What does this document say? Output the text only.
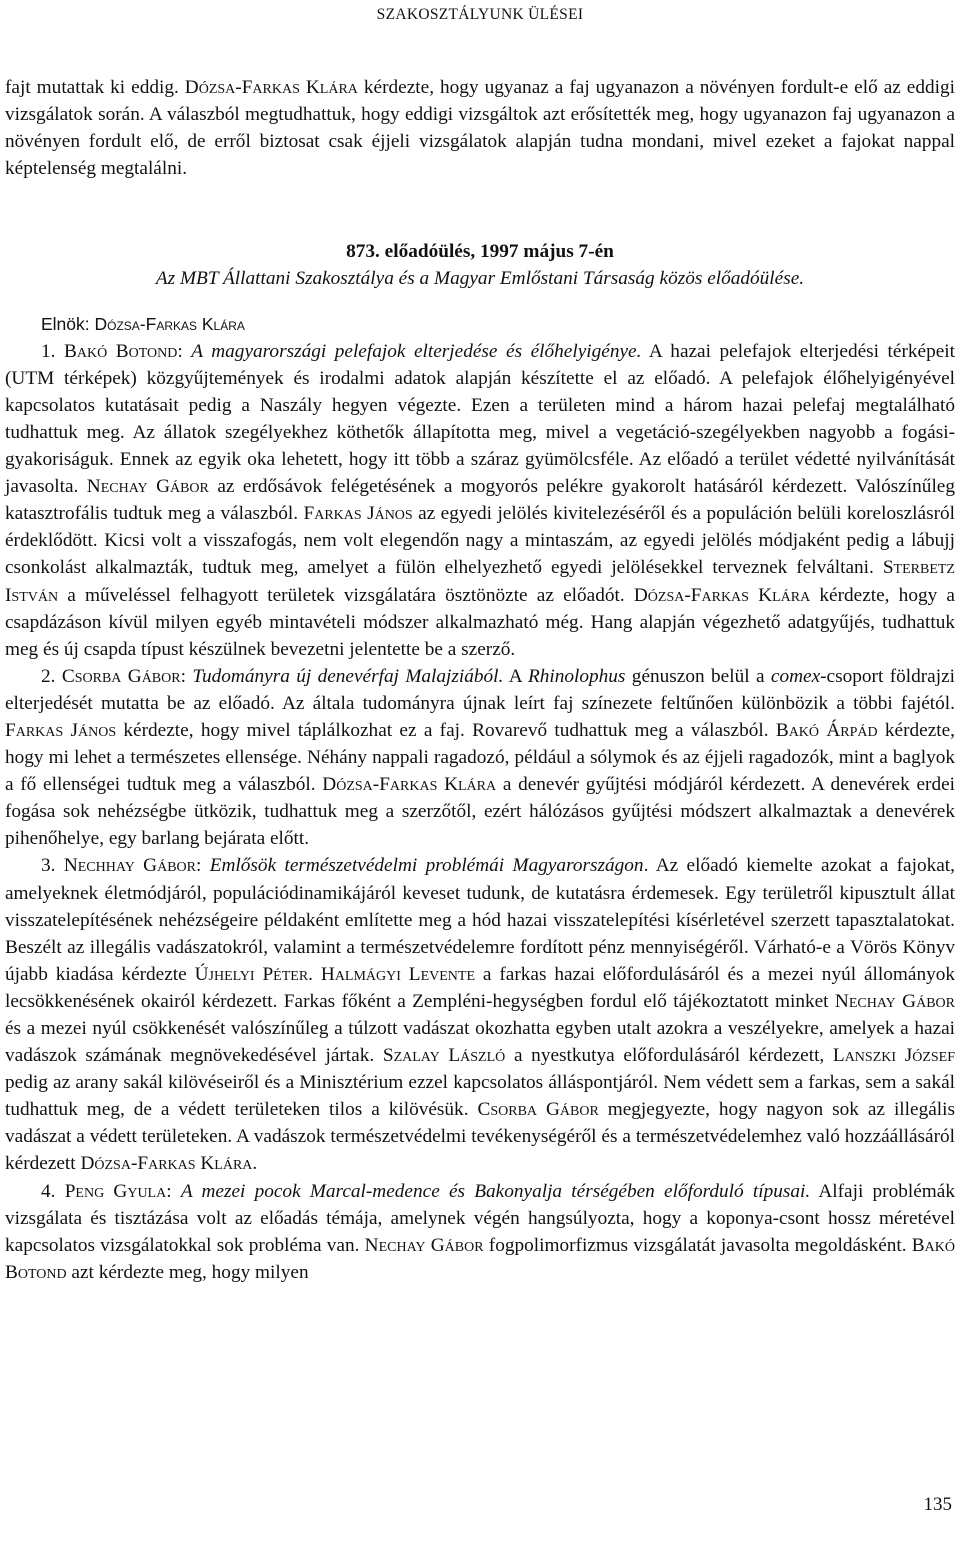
SZAKOSZTÁLYUNK ÜLÉSEI

fajt mutattak ki eddig. Dózsa-Farkas Klára kérdezte, hogy ugyanaz a faj ugyanazon a növényen fordult-e elő az eddigi vizsgálatok során. A válaszból megtudhattuk, hogy eddigi vizsgáltok azt erősítették meg, hogy ugyanazon faj ugyanazon a növényen fordult elő, de erről biztosat csak éjjeli vizsgálatok alapján tudna mondani, mivel ezeket a fajokat nappal képtelenség megtalálni.

873. előadóülés, 1997 május 7-én

Az MBT Állattani Szakosztálya és a Magyar Emlőstani Társaság közös előadóülése.

Elnök: Dózsa-Farkas Klára

1. Bakó Botond: A magyarországi pelefajok elterjedése és élőhelyigénye. A hazai pelefajok elterjedési térképeit (UTM térképek) közgyűjtemények és irodalmi adatok alapján készítette el az előadó. A pelefajok élőhelyigényével kapcsolatos kutatásait pedig a Naszály hegyen végezte. Ezen a területen mind a három hazai pelefaj megtalálható tudhattuk meg. Az állatok szegélyekhez köthetők állapította meg, mivel a vegetáció-szegélyekben nagyobb a fogási-gyakoriságuk. Ennek az egyik oka lehetett, hogy itt több a száraz gyümölcsféle. Az előadó a terület védetté nyilvánítását javasolta. Nechay Gábor az erdősávok felégetésének a mogyorós pelékre gyakorolt hatásáról kérdezett. Valószínűleg katasztrofális tudtuk meg a válaszból. Farkas János az egyedi jelölés kivitelezéséről és a populáción belüli koreloszlásról érdeklődött. Kicsi volt a visszafogás, nem volt elegendőn nagy a mintaszám, az egyedi jelölés módjaként pedig a lábujj csonkolást alkalmazták, tudtuk meg, amelyet a fülön elhelyezhető egyedi jelölésekkel terveznek felváltani. Sterbetz István a műveléssel felhagyott területek vizsgálatára ösztönözte az előadót. Dózsa-Farkas Klára kérdezte, hogy a csapdázáson kívül milyen egyéb mintavételi módszer alkalmazható még. Hang alapján végezhető adatgyűjés, tudhattuk meg és új csapda típust készülnek bevezetni jelentette be a szerző.

2. Csorba Gábor: Tudományra új denevérfaj Malajziából. A Rhinolophus génuszon belül a comex-csoport földrajzi elterjedését mutatta be az előadó. Az általa tudományra újnak leírt faj színezete feltűnően különbözik a többi fajétól. Farkas János kérdezte, hogy mivel táplálkozhat ez a faj. Rovarevő tudhattuk meg a válaszból. Bakó Árpád kérdezte, hogy mi lehet a természetes ellensége. Néhány nappali ragadozó, például a sólymok és az éjjeli ragadozók, mint a baglyok a fő ellenségei tudtuk meg a válaszból. Dózsa-Farkas Klára a denevér gyűjtési módjáról kérdezett. A denevérek erdei fogása sok nehézségbe ütközik, tudhattuk meg a szerzőtől, ezért hálózásos gyűjtési módszert alkalmaztak a denevérek pihenőhelye, egy barlang bejárata előtt.

3. Nechhay Gábor: Emlősök természetvédelmi problémái Magyarországon. Az előadó kiemelte azokat a fajokat, amelyeknek életmódjáról, populációdinamikájáról keveset tudunk, de kutatásra érdemesek. Egy területről kipusztult állat visszatelepítésének nehézségeire példaként említette meg a hód hazai visszatelepítési kísérletével szerzett tapasztalatokat. Beszélt az illegális vadászatokról, valamint a természetvédelemre fordított pénz mennyiségéről. Várható-e a Vörös Könyv újabb kiadása kérdezte Újhelyi Péter. Halmágyi Levente a farkas hazai előfordulásáról és a mezei nyúl állományok lecsökkenésének okairól kérdezett. Farkas főként a Zempléni-hegységben fordul elő tájékoztatott minket Nechay Gábor és a mezei nyúl csökkenését valószínűleg a túlzott vadászat okozhatta egyben utalt azokra a veszélyekre, amelyek a hazai vadászok számának megnövekedésével jártak. Szalay László a nyestkutya előfordulásáról kérdezett, Lanszki József pedig az arany sakál kilövéseiről és a Minisztérium ezzel kapcsolatos álláspontjáról. Nem védett sem a farkas, sem a sakál tudhattuk meg, de a védett területeken tilos a kilövésük. Csorba Gábor megjegyezte, hogy nagyon sok az illegális vadászat a védett területeken. A vadászok természetvédelmi tevékenységéről és a természetvédelemhez való hozzáállásáról kérdezett Dózsa-Farkas Klára.

4. Peng Gyula: A mezei pocok Marcal-medence és Bakonyalja térségében előforduló típusai. Alfaji problémák vizsgálata és tisztázása volt az előadás témája, amelynek végén hangsúlyozta, hogy a koponya-csont hossz méretével kapcsolatos vizsgálatokkal sok probléma van. Nechay Gábor fogpolimorfizmus vizsgálatát javasolta megoldásként. Bakó Botond azt kérdezte meg, hogy milyen

135
